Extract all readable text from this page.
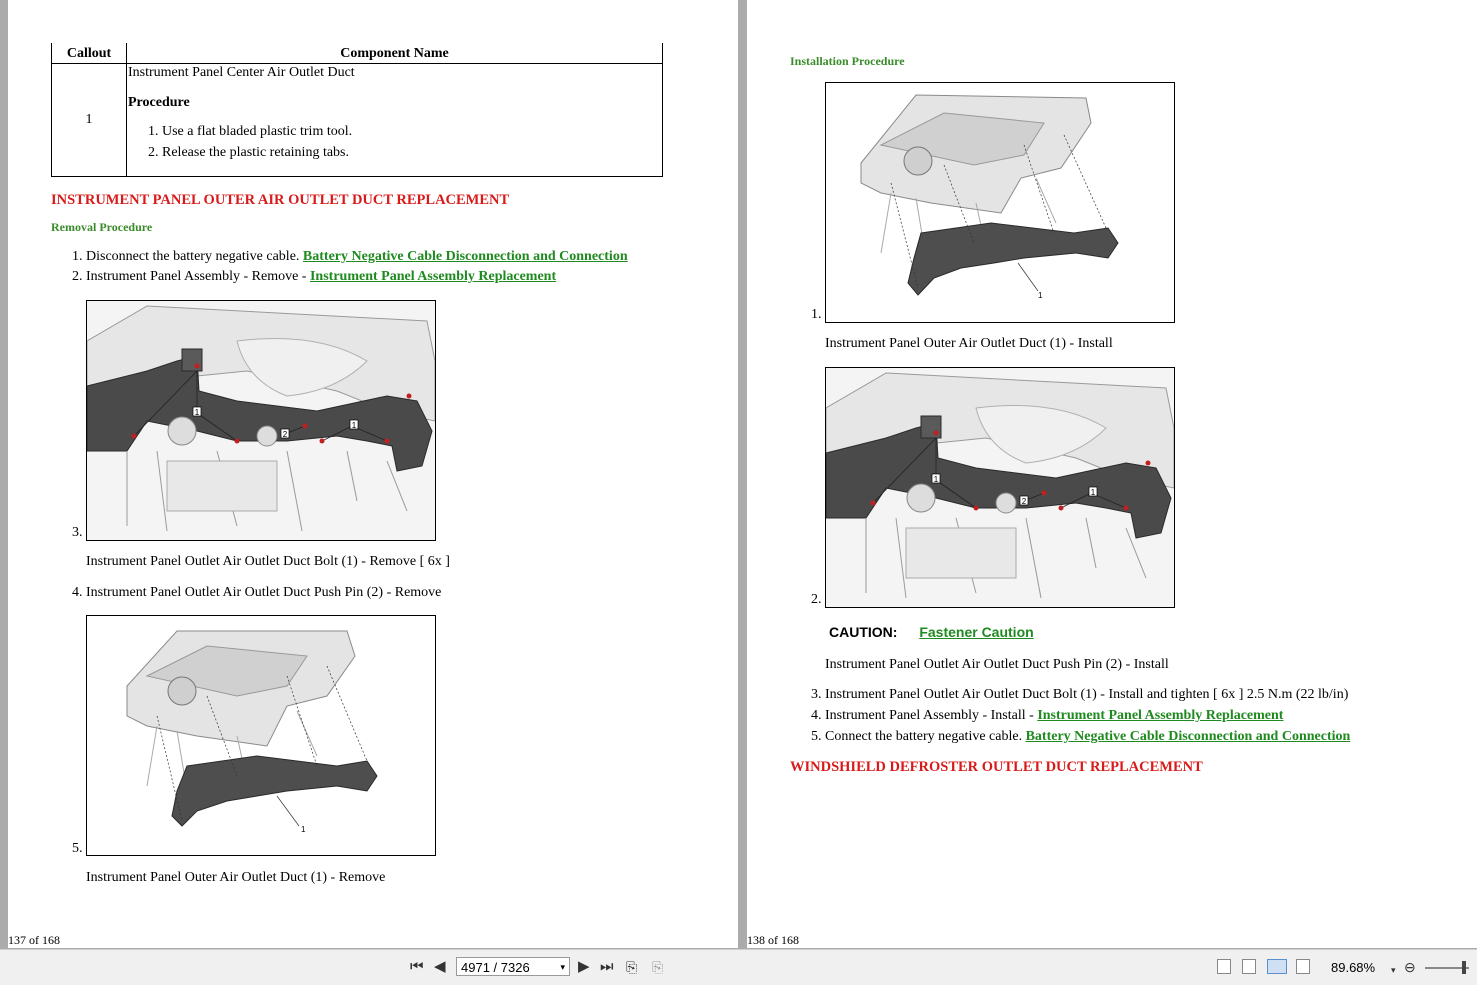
Callout	Component Name
1	Instrument Panel Center Air Outlet Duct
Procedure
1. Use a flat bladed plastic trim tool.
2. Release the plastic retaining tabs.
INSTRUMENT PANEL OUTER AIR OUTLET DUCT REPLACEMENT
Removal Procedure
1. Disconnect the battery negative cable. Battery Negative Cable Disconnection and Connection
2. Instrument Panel Assembly - Remove - Instrument Panel Assembly Replacement
1
2
1
3.
Instrument Panel Outlet Air Outlet Duct Bolt (1) - Remove [ 6x ]
4. Instrument Panel Outlet Air Outlet Duct Push Pin (2) - Remove
1
5.
Instrument Panel Outer Air Outlet Duct (1) - Remove
137 of 168
Installation Procedure
1
1.
Instrument Panel Outer Air Outlet Duct (1) - Install
1
2
1
2.
CAUTION: Fastener Caution
Instrument Panel Outlet Air Outlet Duct Push Pin (2) - Install
3. Instrument Panel Outlet Air Outlet Duct Bolt (1) - Install and tighten [ 6x ] 2.5 N.m (22 lb/in)
4. Instrument Panel Assembly - Install - Instrument Panel Assembly Replacement
5. Connect the battery negative cable. Battery Negative Cable Disconnection and Connection
WINDSHIELD DEFROSTER OUTLET DUCT REPLACEMENT
138 of 168
⏮ ◀	4971 / 7326	▾ ▶ ⏭ ⎘ ⎘	89.68% ▾ ⊖
